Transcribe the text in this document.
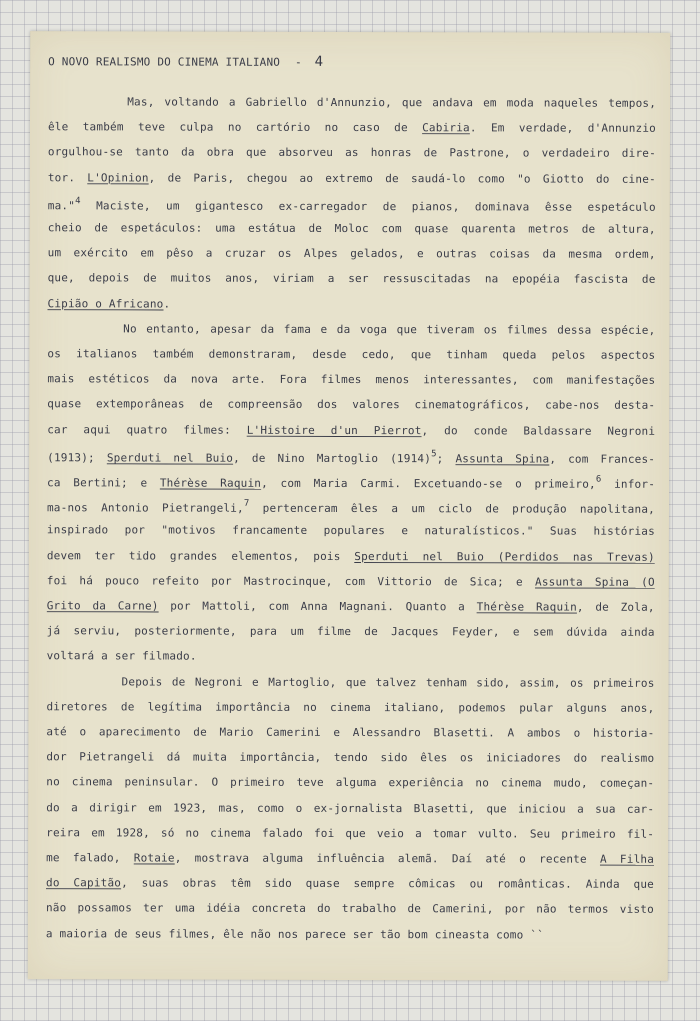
O NOVO REALISMO DO CINEMA ITALIANO - 4
Mas, voltando a Gabriello d'Annunzio, que andava em moda naqueles tempos,
êle também teve culpa no cartório no caso de Cabiria. Em verdade, d'Annunzio
orgulhou-se tanto da obra que absorveu as honras de Pastrone, o verdadeiro dire-
tor. L'Opinion, de Paris, chegou ao extremo de saudá-lo como "o Giotto do cine-
ma."$^4$ Maciste, um gigantesco ex-carregador de pianos, dominava êsse espetáculo
cheio de espetáculos: uma estátua de Moloc com quase quarenta metros de altura,
um exército em pêso a cruzar os Alpes gelados, e outras coisas da mesma ordem,
que, depois de muitos anos, viriam a ser ressuscitadas na epopéia fascista de
Cipião o Africano.
No entanto, apesar da fama e da voga que tiveram os filmes dessa espécie,
os italianos também demonstraram, desde cedo, que tinham queda pelos aspectos
mais estéticos da nova arte. Fora filmes menos interessantes, com manifestações
quase extemporâneas de compreensão dos valores cinematográficos, cabe-nos desta-
car aqui quatro filmes: L'Histoire d'un Pierrot, do conde Baldassare Negroni
(1913); Sperduti nel Buio, de Nino Martoglio $(1914)^5$; Assunta Spina, com Frances-
ca Bertini; e Thérèse Raquin, com Maria Carmi. Excetuando-se o primeiro,$^6$ infor-
ma-nos Antonio Pietrangeli,$^7$ pertenceram êles a um ciclo de produção napolitana,
inspirado por "motivos francamente populares e naturalísticos." Suas histórias
devem ter tido grandes elementos, pois Sperduti nel Buio (Perdidos nas Trevas)
foi há pouco refeito por Mastrocinque, com Vittorio de Sica; e Assunta Spina (O
Grito da Carne) por Mattoli, com Anna Magnani. Quanto a Thérèse Raquin, de Zola,
já serviu, posteriormente, para um filme de Jacques Feyder, e sem dúvida ainda
voltará a ser filmado.
Depois de Negroni e Martoglio, que talvez tenham sido, assim, os primeiros
diretores de legítima importância no cinema italiano, podemos pular alguns anos,
até o aparecimento de Mario Camerini e Alessandro Blasetti. A ambos o historia-
dor Pietrangeli dá muita importância, tendo sido êles os iniciadores do realismo
no cinema peninsular. O primeiro teve alguma experiência no cinema mudo, começan-
do a dirigir em 1923, mas, como o ex-jornalista Blasetti, que iniciou a sua car-
reira em 1928, só no cinema falado foi que veio a tomar vulto. Seu primeiro fil-
me falado, Rotaie, mostrava alguma influência alemã. Daí até o recente A Filha
do Capitão, suas obras têm sido quase sempre cômicas ou românticas. Ainda que
não possamos ter uma idéia concreta do trabalho de Camerini, por não termos visto
a maioria de seus filmes, êle não nos parece ser tão bom cineasta como ``
